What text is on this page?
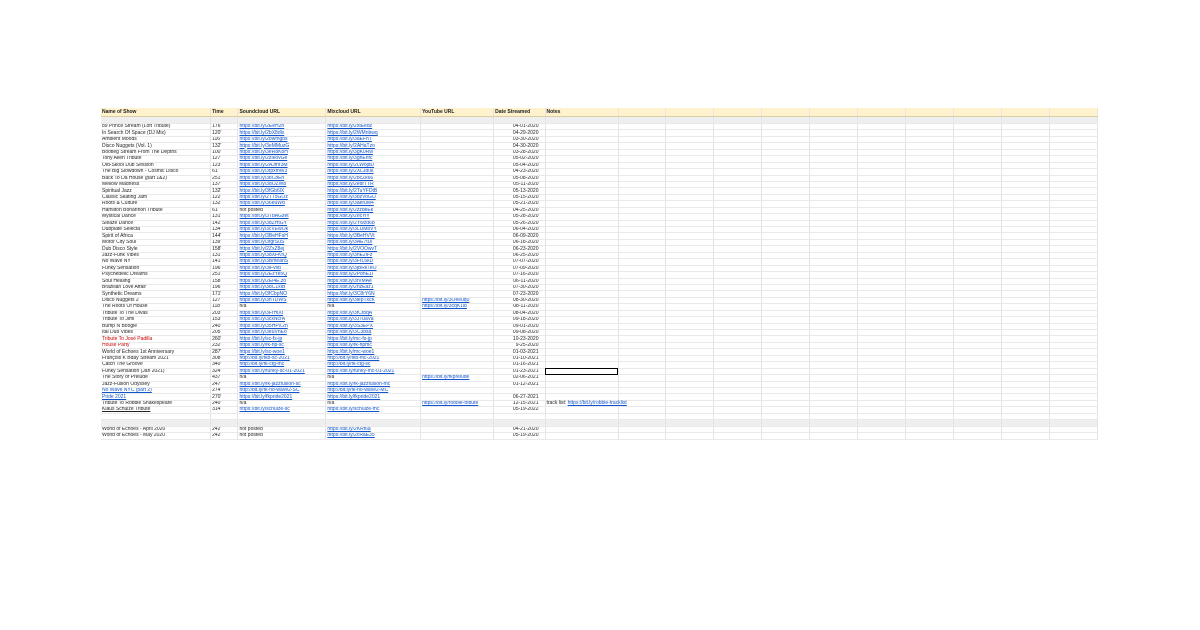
Name of Show	Time	Soundcloud URL	Mixcloud URL	YouTube URL	Date Streamed	Notes										

89 Prince Stream (Loft Tribute)	176'	https://bit.ly/2EeH2n	https://bit.ly/2xtEedz		04-01-2020											
In Search Of Space (DJ Mix)	120'	https://bit.ly/2bX8dlx	https://bit.ly/2WMnbwq		04-29-2020											
Ambient Moods	116'	https://bit.ly/2bwmgbs	https://bit.ly/3aEFhT		03-30-2020											
Disco Nuggets (Vol. 1)	132'	https://bit.ly/3eMMuzG	https://bit.ly/2AHaTzo		04-30-2020											
Bootleg Stream From The Depths	100'	https://bit.ly/3eR8K8H	https://bit.ly/3gK0Rw		03-28-2020											
Tony Allen Tribute	127'	https://bit.ly/2zIkovGe	https://bit.ly/3ghEnfc		05-02-2020											
Old-Skool Dub Session	123'	https://bit.ly/2AJfnr3M	https://bit.ly/2LWojdD		05-04-2020											
The Big Slowdown - Cosmic Disco	61'	https://bit.ly/3fpxmW3	https://bit.ly/2XLJd0k		04-23-2020											
Back To Da House (part 1&2)	251'	https://bit.ly/3bCbEh	https://bit.ly/2bcZk66		05-08-2020											
Mellow Madness	137'	https://bit.ly/3dOZWb	https://bit.ly/2edrTTR		05-11-2020											
Spiritual Jazz	132'	https://bit.ly/3fGb6lX	https://bit.ly/2TuYFDtB		05-13-2020											
Classic Skating Jam	122'	https://bit.ly/2T75GOz	https://bit.ly/3bzVoGO		05-15-2020											
Roots & Culture	132'	https://bit.ly/36euWd	https://bit.ly/3aeruM4		05-21-2020											
Hamilton Bohannon Tribute	61'	not posted	https://bit.ly/2zzdeEk		04-25-2020											
Mystical Dance	131'	https://bit.ly/3TbAGzet	https://bit.ly/2IfcYiY		05-28-2020											
Sleaze Dance	142'	https://bit.ly/3dZHtGY	https://bit.ly/2Ywzd6b		05-26-2020											
Dubplate Selecta	134'	https://bit.ly/3cVEwOk	https://bit.ly/3LUMbVY		06-04-2020											
Spirit of Africa	144'	https://bit.ly/3BeHFsH	https://bit.ly/3BeHVVt		06-09-2020											
Motor City Soul	139'	https://bit.ly/3fgrSuS	https://bit.ly/3AE7tUl		06-18-2020											
Dub Disco Style	158'	https://bit.ly/2ZxZ8ej	https://bit.ly/2VOOwvT		06-23-2020											
Jazz-Funk Vibes	131'	https://bit.ly/3dXFKfQ	https://bit.ly/3hE2iFz		06-25-2020											
No Wave NY	141'	https://bit.ly/3BmeanS	https://bit.ly/3FrL6kD		07-07-2020											
Funky Sensation	196'	https://bit.ly/3iFvsb	https://bit.ly/3jBRkTeO		07-09-2020											
Psychedelic Dreams	251'	https://bit.ly/2EzYe5Q	https://bit.ly/2P8hE1l		07-16-2020											
Soul Healing	158'	https://bit.ly/2Ei4E.zo	https://bit.ly/3fVMAe		06-11-2020											
Brazilian Love Affair	196'	https://bit.ly/3dC1xIB	https://bit.ly/2hzEaz1		07-30-2020											
Synthetic Dreams	171'	https://bit.ly/3fCbpNO	https://bit.ly/3C8rY6N		07-23-2020											
Disco Nuggets 2	127'	https://bit.ly/3hTDWS	https://bit.ly/3iepTxcK	https://bit.ly/3Oeeuq0	08-30-2020											
The Roots Of House	118'	n/a	n/a	https://bit.ly/3cqK1l8	08-11-2020											
Tribute To The Divas	203'	https://bit.ly/3FrHlXt	https://bit.ly/3fCf8qA		08-04-2020											
Tribute To Jimi	153'	https://bit.ly/3cxNcrA	https://bit.ly/3JTuaVa		09-18-2020											
Bump N Boogie	240'	https://bit.ly/35HPv.2n	https://bit.ly/3S3EPX		09-01-2020											
Ital Dub Vibes	205'	https://bit.ly/3euVnEo	https://bit.ly/3C3bsa		09-08-2020											
Tribute To José Padilla	260'	https://bit.ly/sc-fs-jp	https://bit.ly/mc-fs-jp		10-23-2020											
House Party	232'	https://bit.ly/fk-hp-sc	https://bit.ly/fk-hpmc		9-25-2020											
World of Echoes 1st Anniversary	287'	https://bit.ly/sc-woe1	https://bit.ly/mc-woe1		01-03-2021											
François K Bday Stream 2021	308'	http://bit.ly/fkb-sc-2021	http://bit.ly/fkb-mc-2021		01-10-2021											
Catch The Groove	340'	http://bit.ly/fk-ctg-mc	http://bit.ly/fk-ctg-sc		01-16-2021											
Funky Sensation (Jan 2021)	324'	https://bit.ly/funky-sc-01-2021	https://bit.ly/funky-mc-01-2021		01-23-2021											
The Story of Prelude	437'	n/a	n/a	https://bit.ly/fkprelude	02-06-2021											
Jazz-Fusion Odyssey	247'	https://bit.ly/fk-jazzfusion-sc	https://bit.ly/fk-jazzfusion-mc		01-12-2021											
No Wave NYC (part 2)	274'	http://bit.ly/fk-no-wave2-SC	http://bit.ly/fk-no-wave2-MC													
Pride 2021	270'	https://bit.ly/fkpride2021	https://bit.ly/fkpride2021		06-27-2021											
Tribute To Robbie Shakespeare	240'	n/a	n/a	https://bit.ly/robbie-tribute	12-15-2021	track list: https://bit.ly/robbie-tracklist										
Klaus Schulze Tribute	314'	https://bit.ly/schulze-sc	https://bit.ly/schulze-mc		05-19-2022											

World of Echoes - April 2020	242'	not posted	https://bit.ly/2KRt6a		04-21-2020											
World of Echoes - May 2020	242'	not posted	https://bit.ly/2cRaE35		05-19-2020											
